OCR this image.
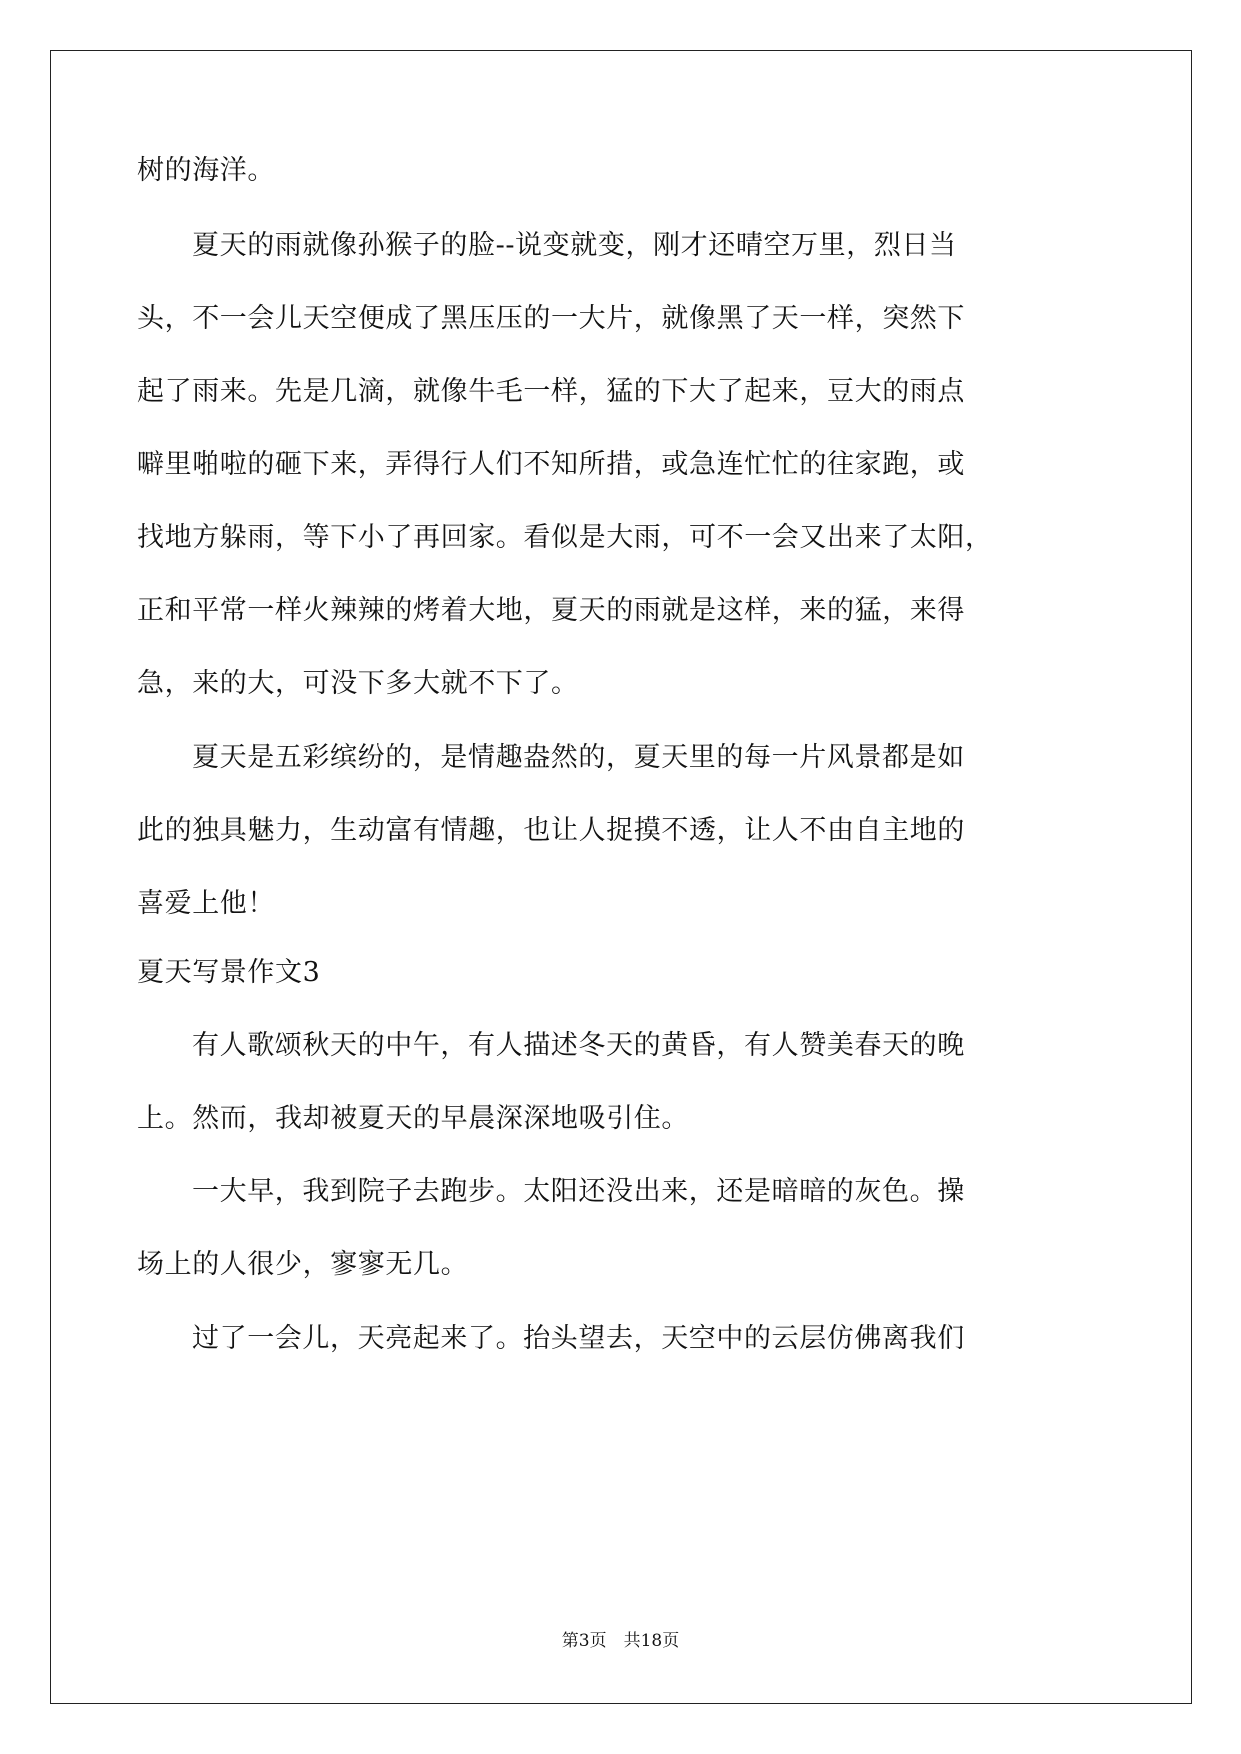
树的海洋。
夏天的雨就像孙猴子的脸--说变就变，刚才还晴空万里，烈日当
头，不一会儿天空便成了黑压压的一大片，就像黑了天一样，突然下
起了雨来。先是几滴，就像牛毛一样，猛的下大了起来，豆大的雨点
噼里啪啦的砸下来，弄得行人们不知所措，或急连忙忙的往家跑，或
找地方躲雨，等下小了再回家。看似是大雨，可不一会又出来了太阳，
正和平常一样火辣辣的烤着大地，夏天的雨就是这样，来的猛，来得
急，来的大，可没下多大就不下了。
夏天是五彩缤纷的，是情趣盎然的，夏天里的每一片风景都是如
此的独具魅力，生动富有情趣，也让人捉摸不透，让人不由自主地的
喜爱上他！
夏天写景作文3
有人歌颂秋天的中午，有人描述冬天的黄昏，有人赞美春天的晚
上。然而，我却被夏天的早晨深深地吸引住。
一大早，我到院子去跑步。太阳还没出来，还是暗暗的灰色。操
场上的人很少，寥寥无几。
过了一会儿，天亮起来了。抬头望去，天空中的云层仿佛离我们
第3页　共18页
